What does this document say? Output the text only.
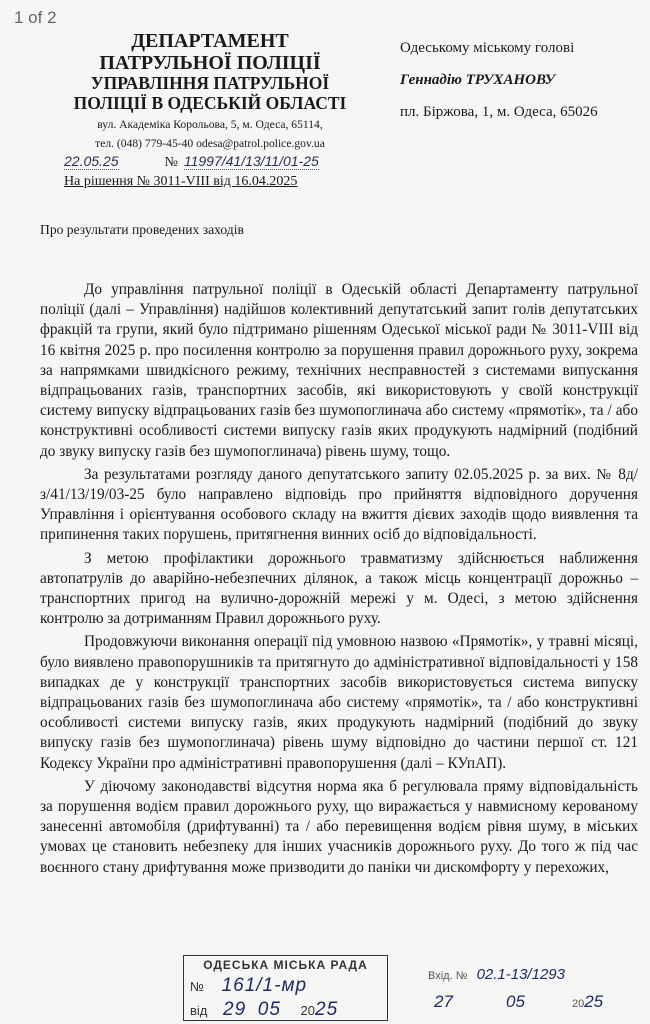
1 of 2
ДЕПАРТАМЕНТ
ПАТРУЛЬНОЇ ПОЛІЦІЇ
УПРАВЛІННЯ ПАТРУЛЬНОЇ
ПОЛІЦІЇ В ОДЕСЬКІЙ ОБЛАСТІ
вул. Академіка Корольова, 5, м. Одеса, 65114,
тел. (048) 779-45-40 odesa@patrol.police.gov.ua
22.05.25	№ 11997/41/13/11/01-25
На рішення № 3011-VIII від 16.04.2025
Одеському міському голові
Геннадію ТРУХАНОВУ
пл. Біржова, 1, м. Одеса, 65026
Про результати проведених заходів

До управління патрульної поліції в Одеській області Департаменту патрульної поліції (далі – Управління) надійшов колективний депутатський запит голів депутатських фракцій та групи, який було підтримано рішенням Одеської міської ради № 3011-VIII від 16 квітня 2025 р. про посилення контролю за порушення правил дорожнього руху, зокрема за напрямками швидкісного режиму, технічних несправностей з системами випускання відпрацьованих газів, транспортних засобів, які використовують у своїй конструкції систему випуску відпрацьованих газів без шумопоглинача або систему «прямотік», та / або конструктивні особливості системи випуску газів яких продукують надмірний (подібний до звуку випуску газів без шумопоглинача) рівень шуму, тощо.

За результатами розгляду даного депутатського запиту 02.05.2025 р. за вих. № 8д/з/41/13/19/03-25 було направлено відповідь про прийняття відповідного доручення Управління і орієнтування особового складу на вжиття дієвих заходів щодо виявлення та припинення таких порушень, притягнення винних осіб до відповідальності.

З метою профілактики дорожнього травматизму здійснюється наближення автопатрулів до аварійно-небезпечних ділянок, а також місць концентрації дорожньо – транспортних пригод на вулично-дорожній мережі у м. Одесі, з метою здійснення контролю за дотриманням Правил дорожнього руху.

Продовжуючи виконання операції під умовною назвою «Прямотік», у травні місяці, було виявлено правопорушників та притягнуто до адміністративної відповідальності у 158 випадках де у конструкції транспортних засобів використовується система випуску відпрацьованих газів без шумопоглинача або систему «прямотік», та / або конструктивні особливості системи випуску газів, яких продукують надмірний (подібний до звуку випуску газів без шумопоглинача) рівень шуму відповідно до частини першої ст. 121 Кодексу України про адміністративні правопорушення (далі – КУпАП).

У діючому законодавстві відсутня норма яка б регулювала пряму відповідальність за порушення водієм правил дорожнього руху, що виражається у навмисному керованому занесенні автомобіля (дрифтуванні) та / або перевищення водієм рівня шуму, в міських умовах це становить небезпеку для інших учасників дорожнього руху. До того ж під час воєнного стану дрифтування може призводити до паніки чи дискомфорту у перехожих,

ОДЕСЬКА МІСЬКА РАДА
№ 161/1-мр
від 29 05 2025
Вхід. № 02.1-13/1293
27	05	2025
